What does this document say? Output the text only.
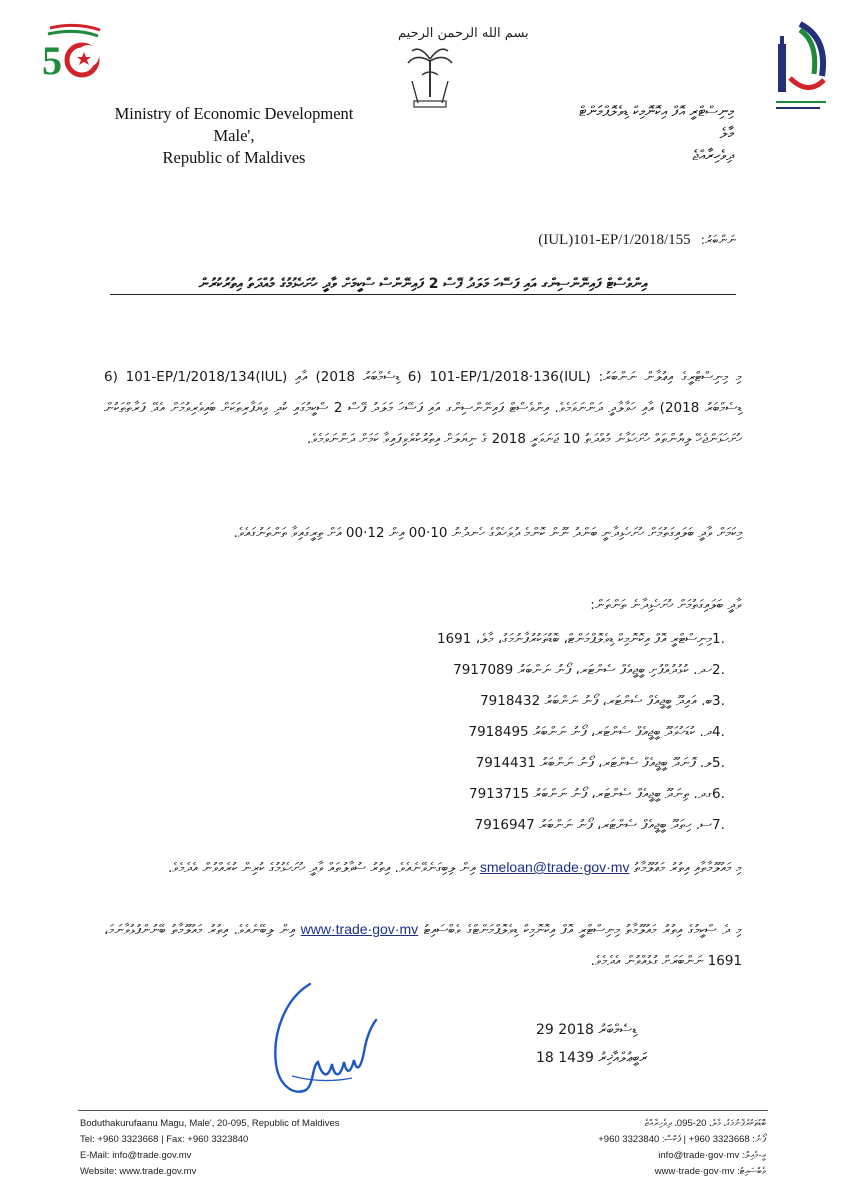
5
بسم الله الرحمن الرحيم
Ministry of Economic Development
Male',
Republic of Maldives
މިނިސްޓްރީ އޮފް އިކޮނޮމިކް ޑިވެލޮޕްމަންޓް
މާލެ
ދިވެހިރާއްޖެ
ނަންބަރު:
(IUL)101-EP/1/2018/155
އިންވެސްޓް ފައިނޭންސިންގ އައި ފަސޭހަ މަލަދު ފޭސް 2 ފައިނޭންސް ސްކީމަށް ވާދީ ހުށަހެޅުމުގެ މުއްދަތު އިތުރުކުރުން
މި މިނިސްޓްރީގެ އިޢުލާން ނަންބަރު: (IUL)101-EP/1/2018·136 (6 ޑިސެމްބަރު 2018) އާއި (IUL)101-EP/1/2018/134 (6 ޑިސެމްބަރު 2018) އާއި ހަވާލާދީ ދަންނަވަމެވެ. އިންވެސްޓް ފައިނޭންސިންގ އައި ފަސޭހަ މަލަދު ފޭސް 2 ސްކީމުގައި ކުދި ވިޔަފާރިތަކަށް ބައިވެރިވުމަށް އެދޭ ފަރާތްތަކުން ހުށަހަޅަންޖެހޭ ލިޔުންތައް ހުށަހަޅާނެ މުއްދަތު 10 ޖަނަވަރީ 2018 ގެ ނިޔަލަށް އިތުރުކުރެވިފައިވާ ކަމަށް ދަންނަވަމެވެ.
މިކަމަށް ވާދީ ބަލައިގަތުމަށް ހުށަހެޅިދާނީ ބަންދު ނޫން ކޮންމެ ދުވަހެއްގެ ހެނދުނު 10·00 އިން 12·00 އަށް ތިރީގައިވާ ތަންތަނުގައެވެ.
ވާދީ ބަލައިގަތުމަށް ހުށަހެޅިދާނެ ތަންތަން:
1.މިނިސްޓްރީ އޮފް އިކޮނޮމިކް ޑިވެލޮޕްމަންޓް، ބޮޑުތަކުރުފާނުމަގު، މާލެ، 1691
2.ހދ. ކުޅުދުއްފުށި ބީޖީއެފް ސެންޓަރ، ފޯނު ނަންބަރު 7917089
3.ބ. އައިދޫ ބީޖީއެފް ސެންޓަރ، ފޯނު ނަންބަރު 7918432
4.ދ. ކުޑަހުވަދޫ ބީޖީއެފް ސެންޓަރ، ފޯނު ނަންބަރު 7918495
5.ލ. ފޮނަދޫ ބީޖީއެފް ސެންޓަރ، ފޯނު ނަންބަރު 7914431
6.ގދ. ތިނަދޫ ބީޖީއެފް ސެންޓަރ، ފޯނު ނަންބަރު 7913715
7.ސ. ހިތަދޫ ބީޖީއެފް ސެންޓަރ، ފޯނު ނަންބަރު 7916947
މި މައުލޫމާތާއި އިތުރު މަޢުލޫމާތު smeloan@trade·gov·mv އިން ލިބިގަނެވޭނެއެވެ. އިތުރު ސުވާލުތައް ވާދީ ހުށަހެޅުމުގެ ކުރިން ކުރެއްވުން އެދެމެވެ.
މި ދެ ސްކީމުގެ އިތުރު މައުލޫމާތު މިނިސްޓްރީ އޮފް އިކޮނޮމިކް ޑިވެލޮޕްމަންޓްގެ ވެބްސައިޓު www·trade·gov·mv އިން ލިބޭނެއެވެ. އިތުރު މައުލޫމާތު ބޭނުންފުޅުވާނަމަ، 1691 ނަންބަރަށް ގުޅުއްވުން އެދެމެވެ.
29 ޑިސެމްބަރު 2018
18 ރަބީޢުލްއާޚިރު 1439
Boduthakurufaanu Magu, Male', 20-095, Republic of Maldives
Tel: +960 3323668 | Fax: +960 3323840
E-Mail: info@trade.gov.mv
Website: www.trade.gov.mv
ބޮޑުތަކުރުފާނުމަގު، މާލެ، 20-095، ދިވެހިރާއްޖެ
ފޯނު: 3323668 960+ | ފެކްސް: 3323840 960+
އީ-މެއިލް: info@trade·gov·mv
ވެބްސައިޓު: www·trade·gov·mv
